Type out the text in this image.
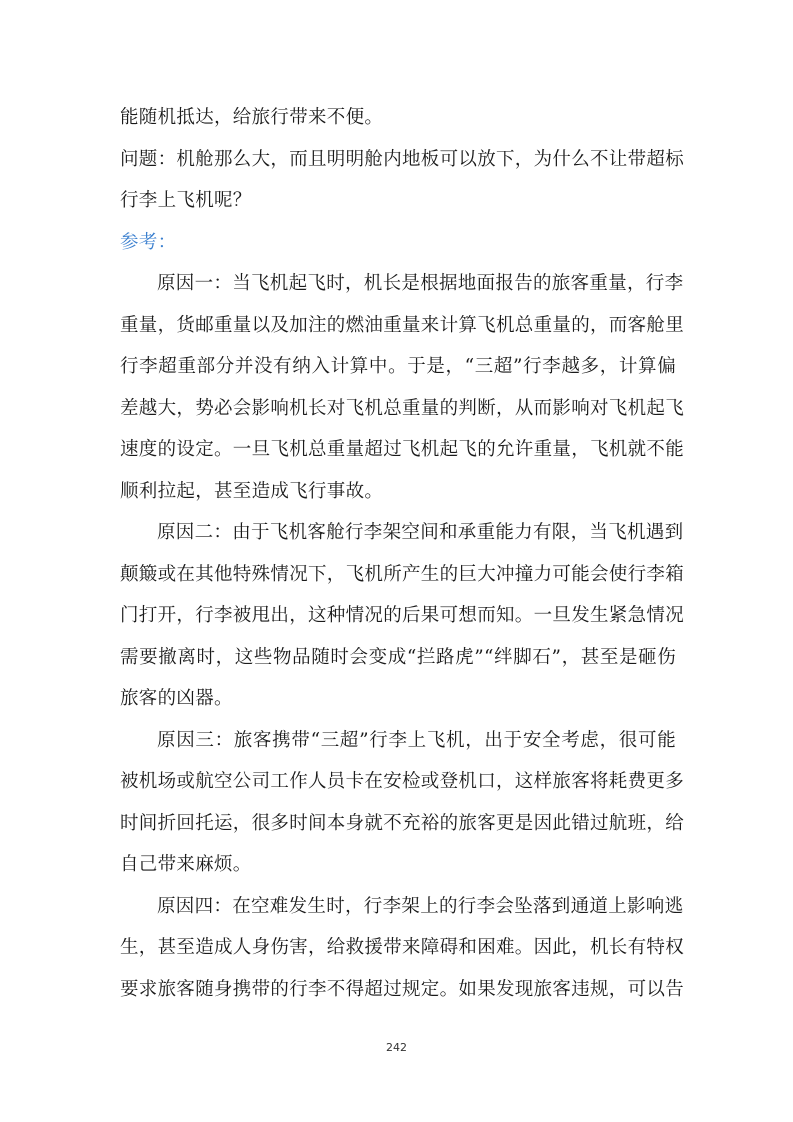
能随机抵达，给旅行带来不便。
问题：机舱那么大，而且明明舱内地板可以放下，为什么不让带超标
行李上飞机呢？
参考：
原因一：当飞机起飞时，机长是根据地面报告的旅客重量，行李
重量，货邮重量以及加注的燃油重量来计算飞机总重量的，而客舱里
行李超重部分并没有纳入计算中。于是，“三超”行李越多，计算偏
差越大，势必会影响机长对飞机总重量的判断，从而影响对飞机起飞
速度的设定。一旦飞机总重量超过飞机起飞的允许重量，飞机就不能
顺利拉起，甚至造成飞行事故。
原因二：由于飞机客舱行李架空间和承重能力有限，当飞机遇到
颠簸或在其他特殊情况下，飞机所产生的巨大冲撞力可能会使行李箱
门打开，行李被甩出，这种情况的后果可想而知。一旦发生紧急情况
需要撤离时，这些物品随时会变成“拦路虎”“绊脚石”，甚至是砸伤
旅客的凶器。
原因三：旅客携带“三超”行李上飞机，出于安全考虑，很可能
被机场或航空公司工作人员卡在安检或登机口，这样旅客将耗费更多
时间折回托运，很多时间本身就不充裕的旅客更是因此错过航班，给
自己带来麻烦。
原因四：在空难发生时，行李架上的行李会坠落到通道上影响逃
生，甚至造成人身伤害，给救援带来障碍和困难。因此，机长有特权
要求旅客随身携带的行李不得超过规定。如果发现旅客违规，可以告
242
